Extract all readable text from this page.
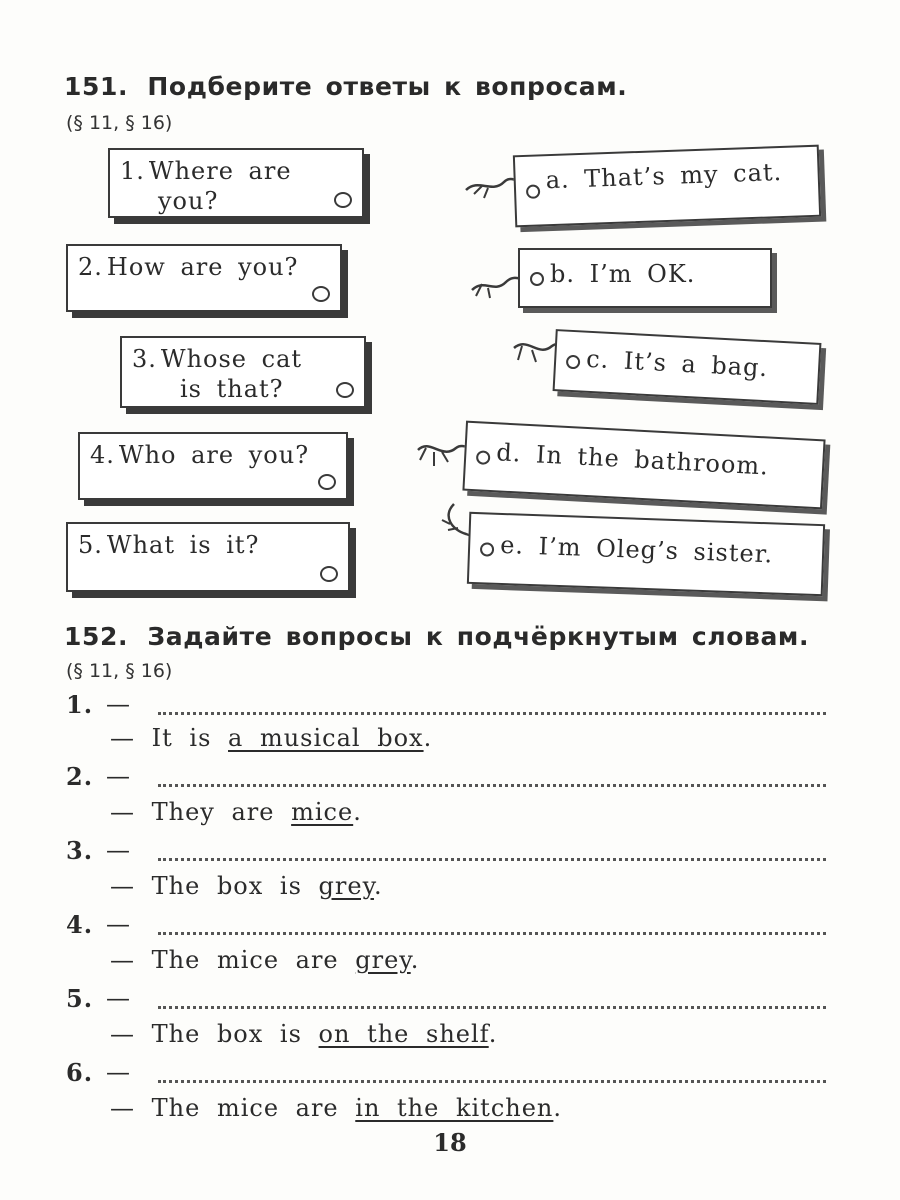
151. Подберите ответы к вопросам.
(§ 11, § 16)
1. Where are
you?
2. How are you?
3. Whose cat
is that?
4. Who are you?
5. What is it?
a. That’s my cat.
b. I’m OK.
c. It’s a bag.
d. In the bathroom.
e. I’m Oleg’s sister.
152. Задайте вопросы к подчёркнутым словам.
(§ 11, § 16)
1. —
— It is a musical box.
2. —
— They are mice.
3. —
— The box is grey.
4. —
— The mice are grey.
5. —
— The box is on the shelf.
6. —
— The mice are in the kitchen.
18
